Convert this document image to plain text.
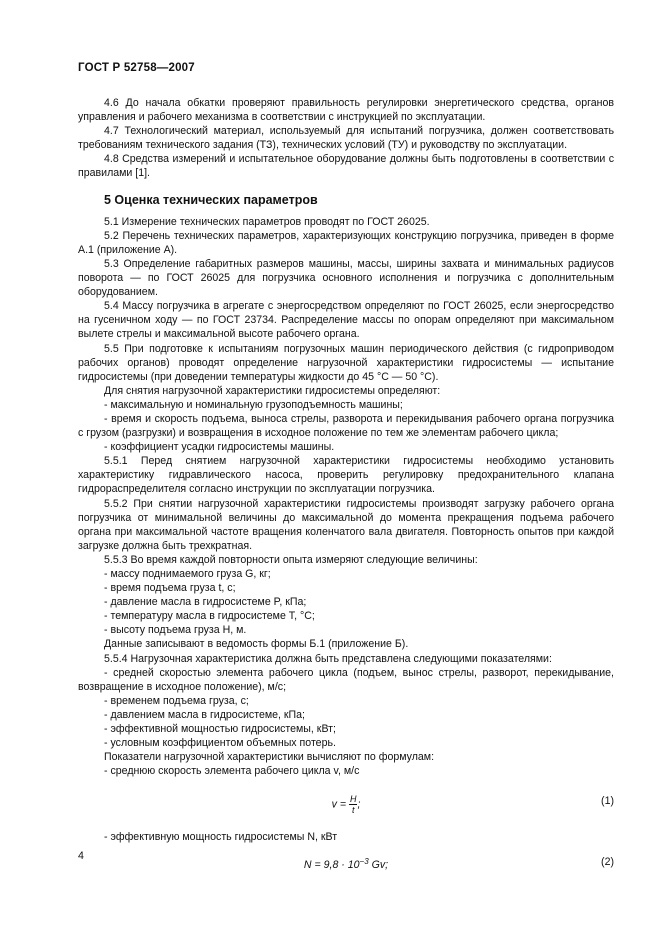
ГОСТ Р 52758—2007

4.6 До начала обкатки проверяют правильность регулировки энергетического средства, органов управления и рабочего механизма в соответствии с инструкцией по эксплуатации.

4.7 Технологический материал, используемый для испытаний погрузчика, должен соответствовать требованиям технического задания (ТЗ), технических условий (ТУ) и руководству по эксплуатации.

4.8 Средства измерений и испытательное оборудование должны быть подготовлены в соответствии с правилами [1].

5 Оценка технических параметров

5.1 Измерение технических параметров проводят по ГОСТ 26025.

5.2 Перечень технических параметров, характеризующих конструкцию погрузчика, приведен в форме А.1 (приложение А).

5.3 Определение габаритных размеров машины, массы, ширины захвата и минимальных радиусов поворота — по ГОСТ 26025 для погрузчика основного исполнения и погрузчика с дополнительным оборудованием.

5.4 Массу погрузчика в агрегате с энергосредством определяют по ГОСТ 26025, если энергосредство на гусеничном ходу — по ГОСТ 23734. Распределение массы по опорам определяют при максимальном вылете стрелы и максимальной высоте рабочего органа.

5.5 При подготовке к испытаниям погрузочных машин периодического действия (с гидроприводом рабочих органов) проводят определение нагрузочной характеристики гидросистемы — испытание гидросистемы (при доведении температуры жидкости до 45 °С — 50 °С).

Для снятия нагрузочной характеристики гидросистемы определяют:

- максимальную и номинальную грузоподъемность машины;

- время и скорость подъема, выноса стрелы, разворота и перекидывания рабочего органа погрузчика с грузом (разгрузки) и возвращения в исходное положение по тем же элементам рабочего цикла;

- коэффициент усадки гидросистемы машины.

5.5.1 Перед снятием нагрузочной характеристики гидросистемы необходимо установить характеристику гидравлического насоса, проверить регулировку предохранительного клапана гидрораспределителя согласно инструкции по эксплуатации погрузчика.

5.5.2 При снятии нагрузочной характеристики гидросистемы производят загрузку рабочего органа погрузчика от минимальной величины до максимальной до момента прекращения подъема рабочего органа при максимальной частоте вращения коленчатого вала двигателя. Повторность опытов при каждой загрузке должна быть трехкратная.

5.5.3 Во время каждой повторности опыта измеряют следующие величины:

- массу поднимаемого груза G, кг;

- время подъема груза t, с;

- давление масла в гидросистеме P, кПа;

- температуру масла в гидросистеме T, °С;

- высоту подъема груза H, м.

Данные записывают в ведомость формы Б.1 (приложение Б).

5.5.4 Нагрузочная характеристика должна быть представлена следующими показателями:

- средней скоростью элемента рабочего цикла (подъем, вынос стрелы, разворот, перекидывание, возвращение в исходное положение), м/с;

- временем подъема груза, с;

- давлением масла в гидросистеме, кПа;

- эффективной мощностью гидросистемы, кВт;

- условным коэффициентом объемных потерь.

Показатели нагрузочной характеристики вычисляют по формулам:

- среднюю скорость элемента рабочего цикла v, м/с

$v = \frac{H}{t}$ ;	(1)

- эффективную мощность гидросистемы N, кВт

$N = 9,8 \cdot 10^{-3}$ Gv;	(2)
4
